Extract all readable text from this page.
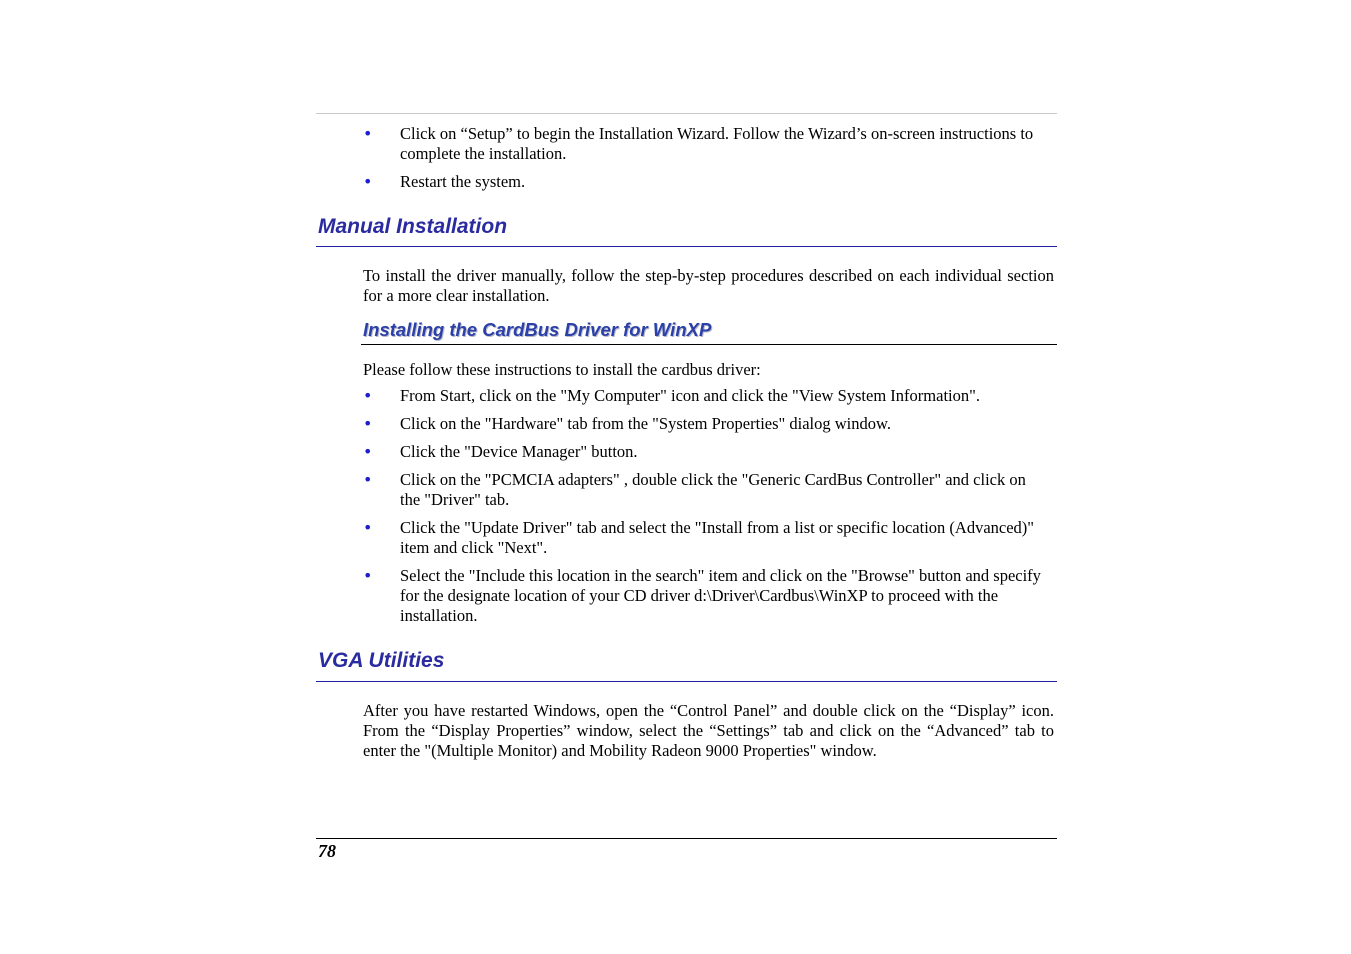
• Click on “Setup” to begin the Installation Wizard. Follow the Wizard’s on-screen instructions to complete the installation.
• Restart the system.
Manual Installation

To install the driver manually, follow the step-by-step procedures described on each individual section for a more clear installation.

Installing the CardBus Driver for WinXP

Please follow these instructions to install the cardbus driver:

• From Start, click on the "My Computer" icon and click the "View System Information".
• Click on the "Hardware" tab from the "System Properties" dialog window.
• Click the "Device Manager" button.
• Click on the "PCMCIA adapters" , double click the "Generic CardBus Controller" and click on the "Driver" tab.
• Click the "Update Driver" tab and select the "Install from a list or specific location (Advanced)" item and click "Next".
• Select the "Include this location in the search" item and click on the "Browse" button and specify for the designate location of your CD driver d:\Driver\Cardbus\WinXP to proceed with the installation.
VGA Utilities

After you have restarted Windows, open the “Control Panel” and double click on the “Display” icon. From the “Display Properties” window, select the “Settings” tab and click on the “Advanced” tab to enter the "(Multiple Monitor) and Mobility Radeon 9000 Properties" window.

78
